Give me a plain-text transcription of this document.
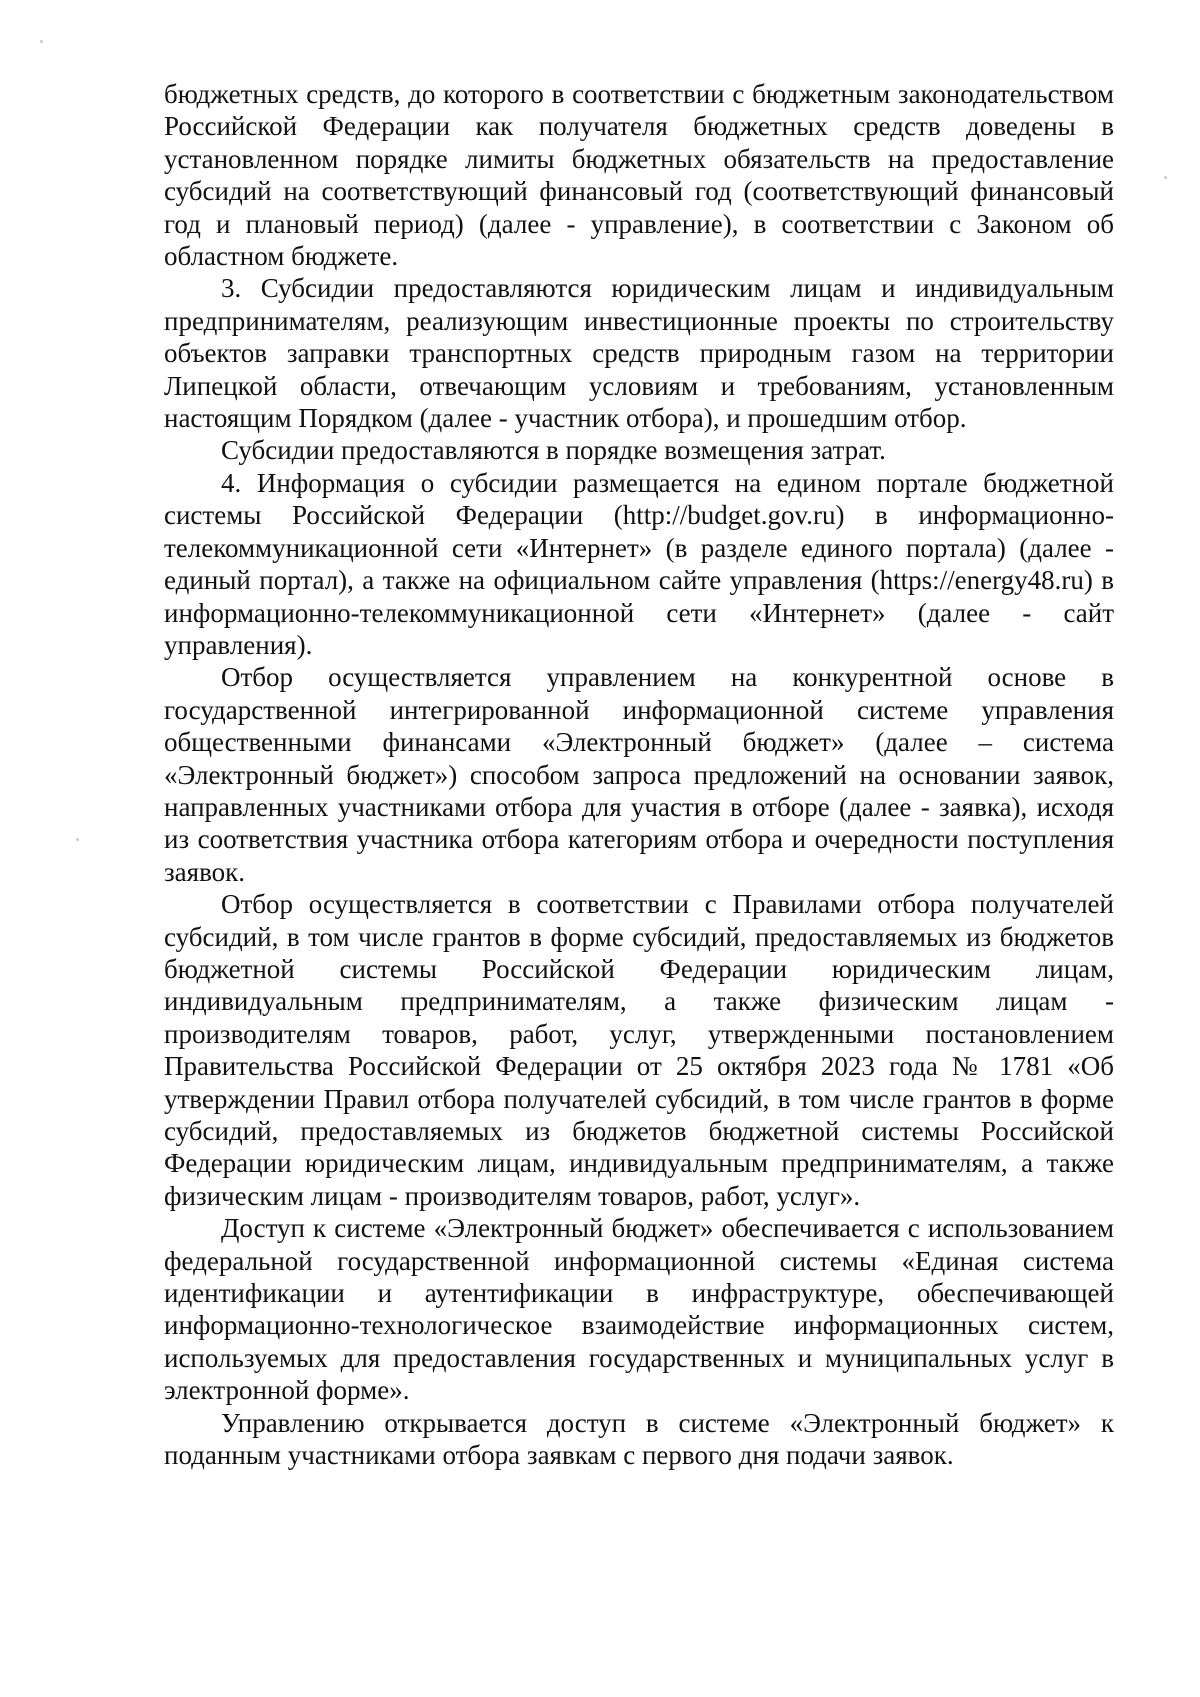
бюджетных средств, до которого в соответствии с бюджетным законодательством Российской Федерации как получателя бюджетных средств доведены в установленном порядке лимиты бюджетных обязательств на предоставление субсидий на соответствующий финансовый год (соответствующий финансовый год и плановый период) (далее - управление), в соответствии с Законом об областном бюджете.

3. Субсидии предоставляются юридическим лицам и индивидуальным предпринимателям, реализующим инвестиционные проекты по строительству объектов заправки транспортных средств природным газом на территории Липецкой области, отвечающим условиям и требованиям, установленным настоящим Порядком (далее - участник отбора), и прошедшим отбор.

Субсидии предоставляются в порядке возмещения затрат.

4. Информация о субсидии размещается на едином портале бюджетной системы Российской Федерации (http://budget.gov.ru) в информационно-телекоммуникационной сети «Интернет» (в разделе единого портала) (далее - единый портал), а также на официальном сайте управления (https://energy48.ru) в информационно-телекоммуникационной сети «Интернет» (далее - сайт управления).

Отбор осуществляется управлением на конкурентной основе в государственной интегрированной информационной системе управления общественными финансами «Электронный бюджет» (далее – система «Электронный бюджет») способом запроса предложений на основании заявок, направленных участниками отбора для участия в отборе (далее - заявка), исходя из соответствия участника отбора категориям отбора и очередности поступления заявок.

Отбор осуществляется в соответствии с Правилами отбора получателей субсидий, в том числе грантов в форме субсидий, предоставляемых из бюджетов бюджетной системы Российской Федерации юридическим лицам, индивидуальным предпринимателям, а также физическим лицам - производителям товаров, работ, услуг, утвержденными постановлением Правительства Российской Федерации от 25 октября 2023 года № 1781 «Об утверждении Правил отбора получателей субсидий, в том числе грантов в форме субсидий, предоставляемых из бюджетов бюджетной системы Российской Федерации юридическим лицам, индивидуальным предпринимателям, а также физическим лицам - производителям товаров, работ, услуг».

Доступ к системе «Электронный бюджет» обеспечивается с использованием федеральной государственной информационной системы «Единая система идентификации и аутентификации в инфраструктуре, обеспечивающей информационно-технологическое взаимодействие информационных систем, используемых для предоставления государственных и муниципальных услуг в электронной форме».

Управлению открывается доступ в системе «Электронный бюджет» к поданным участниками отбора заявкам с первого дня подачи заявок.
